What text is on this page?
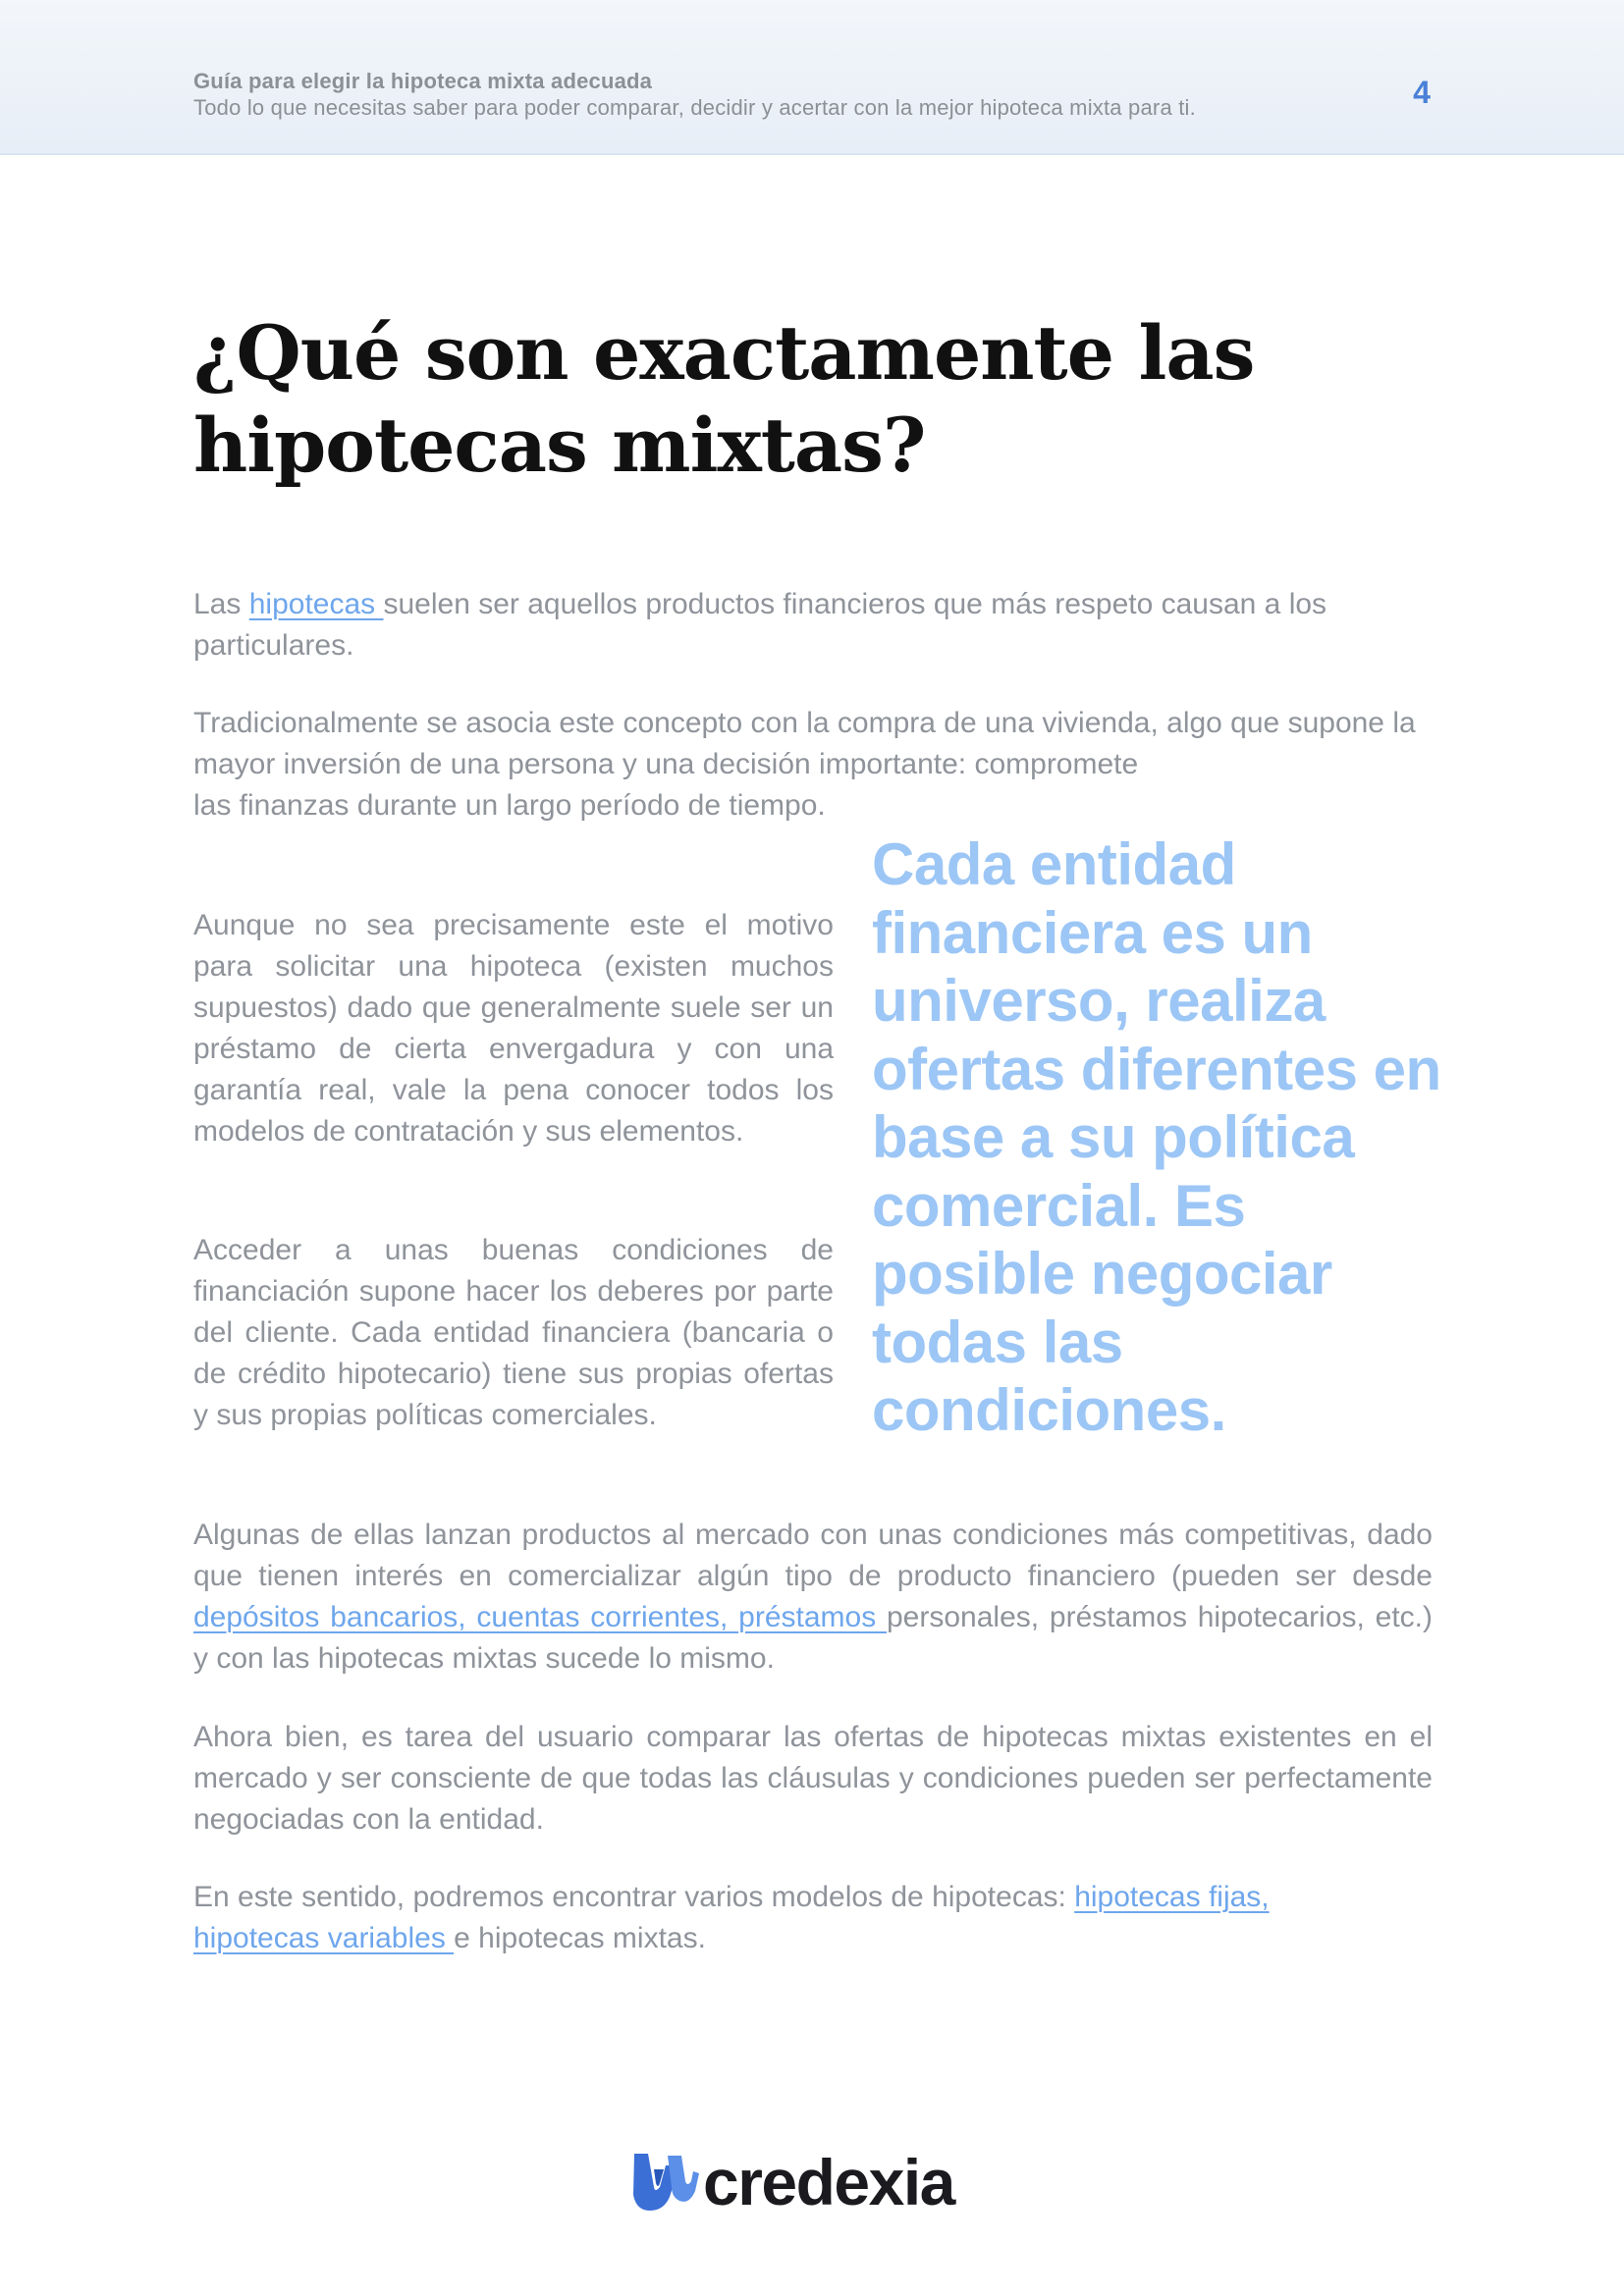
Guía para elegir la hipoteca mixta adecuada
Todo lo que necesitas saber para poder comparar, decidir y acertar con la mejor hipoteca mixta para ti.	4
¿Qué son exactamente las
hipotecas mixtas?

Las hipotecas suelen ser aquellos productos financieros que más respeto causan a los particulares.

Tradicionalmente se asocia este concepto con la compra de una vivienda, algo que supone la mayor inversión de una persona y una decisión importante: compromete

las finanzas durante un largo período de tiempo.

Aunque no sea precisamente este el motivo para solicitar una hipoteca (existen muchos supuestos) dado que generalmente suele ser un préstamo de cierta envergadura y con una garantía real, vale la pena conocer todos los modelos de contratación y sus elementos.

Acceder a unas buenas condiciones de financiación supone hacer los deberes por parte del cliente. Cada entidad financiera (bancaria o de crédito hipotecario) tiene sus propias ofertas y sus propias políticas comerciales.

Algunas de ellas lanzan productos al mercado con unas condiciones más competitivas, dado que tienen interés en comercializar algún tipo de producto financiero (pueden ser desde depósitos bancarios, cuentas corrientes, préstamos personales, préstamos hipotecarios, etc.) y con las hipotecas mixtas sucede lo mismo.

Ahora bien, es tarea del usuario comparar las ofertas de hipotecas mixtas existentes en el mercado y ser consciente de que todas las cláusulas y condiciones pueden ser perfectamente negociadas con la entidad.

En este sentido, podremos encontrar varios modelos de hipotecas: hipotecas fijas,
hipotecas variables e hipotecas mixtas.

Cada entidad financiera es un universo, realiza ofertas diferentes en base a su política comercial. Es posible negociar todas las condiciones.

credexia
